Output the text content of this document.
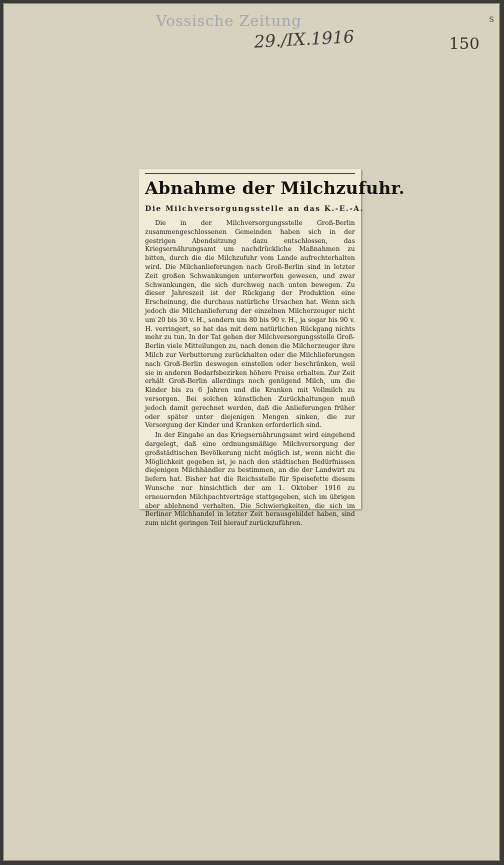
Vossische Zeitung
29./IX.1916	150
s
Abnahme der Milchzufuhr.
Die Milchversorgungsstelle an das K.-E.-A.

Die in der Milchversorgungsstelle Groß-Berlin zusammengeschlossenen Gemeinden haben sich in der gestrigen Abendsitzung dazu entschlossen, das Kriegsernährungsamt um nachdrückliche Maßnahmen zu bitten, durch die die Milchzufuhr vom Lande aufrechterhalten wird. Die Milchanlieferungen nach Groß-Berlin sind in letzter Zeit großen Schwankungen unterworfen gewesen, und zwar Schwankungen, die sich durchweg nach unten bewegen. Zu dieser Jahreszeit ist der Rückgang der Produktion eine Erscheinung, die durchaus natürliche Ursachen hat. Wenn sich jedoch die Milchanlieferung der einzelnen Milcherzeuger nicht um 20 bis 30 v. H., sondern um 80 bis 90 v. H., ja sogar bis 90 v. H. verringert, so hat das mit dem natürlichen Rückgang nichts mehr zu tun. In der Tat gehen der Milchversorgungsstelle Groß-Berlin viele Mitteilungen zu, nach denen die Milcherzeuger ihre Milch zur Verbutterung zurückhalten oder die Milchlieferungen nach Groß-Berlin deswegen einstellen oder beschränken, weil sie in anderen Bedarfsbezirken höhere Preise erhalten. Zur Zeit erhält Groß-Berlin allerdings noch genügend Milch, um die Kinder bis zu 6 Jahren und die Kranken mit Vollmilch zu versorgen. Bei solchen künstlichen Zurückhaltungen muß jedoch damit gerechnet werden, daß die Anlieferungen früher oder später unter diejenigen Mengen sinken, die zur Versorgung der Kinder und Kranken erforderlich sind.

In der Eingabe an das Kriegsernährungsamt wird eingehend dargelegt, daß eine ordnungsmäßige Milchversorgung der großstädtischen Bevölkerung nicht möglich ist, wenn nicht die Möglichkeit gegeben ist, je nach den städtischen Bedürfnissen diejenigen Milchhändler zu bestimmen, an die der Landwirt zu liefern hat. Bisher hat die Reichsstelle für Speisefette diesem Wunsche nur hinsichtlich der am 1. Oktober 1916 zu erneuernden Milchpachtverträge stattgegeben, sich im übrigen aber ablehnend verhalten. Die Schwierigkeiten, die sich im Berliner Milchhandel in letzter Zeit herausgebildet haben, sind zum nicht geringen Teil hierauf zurückzuführen.
